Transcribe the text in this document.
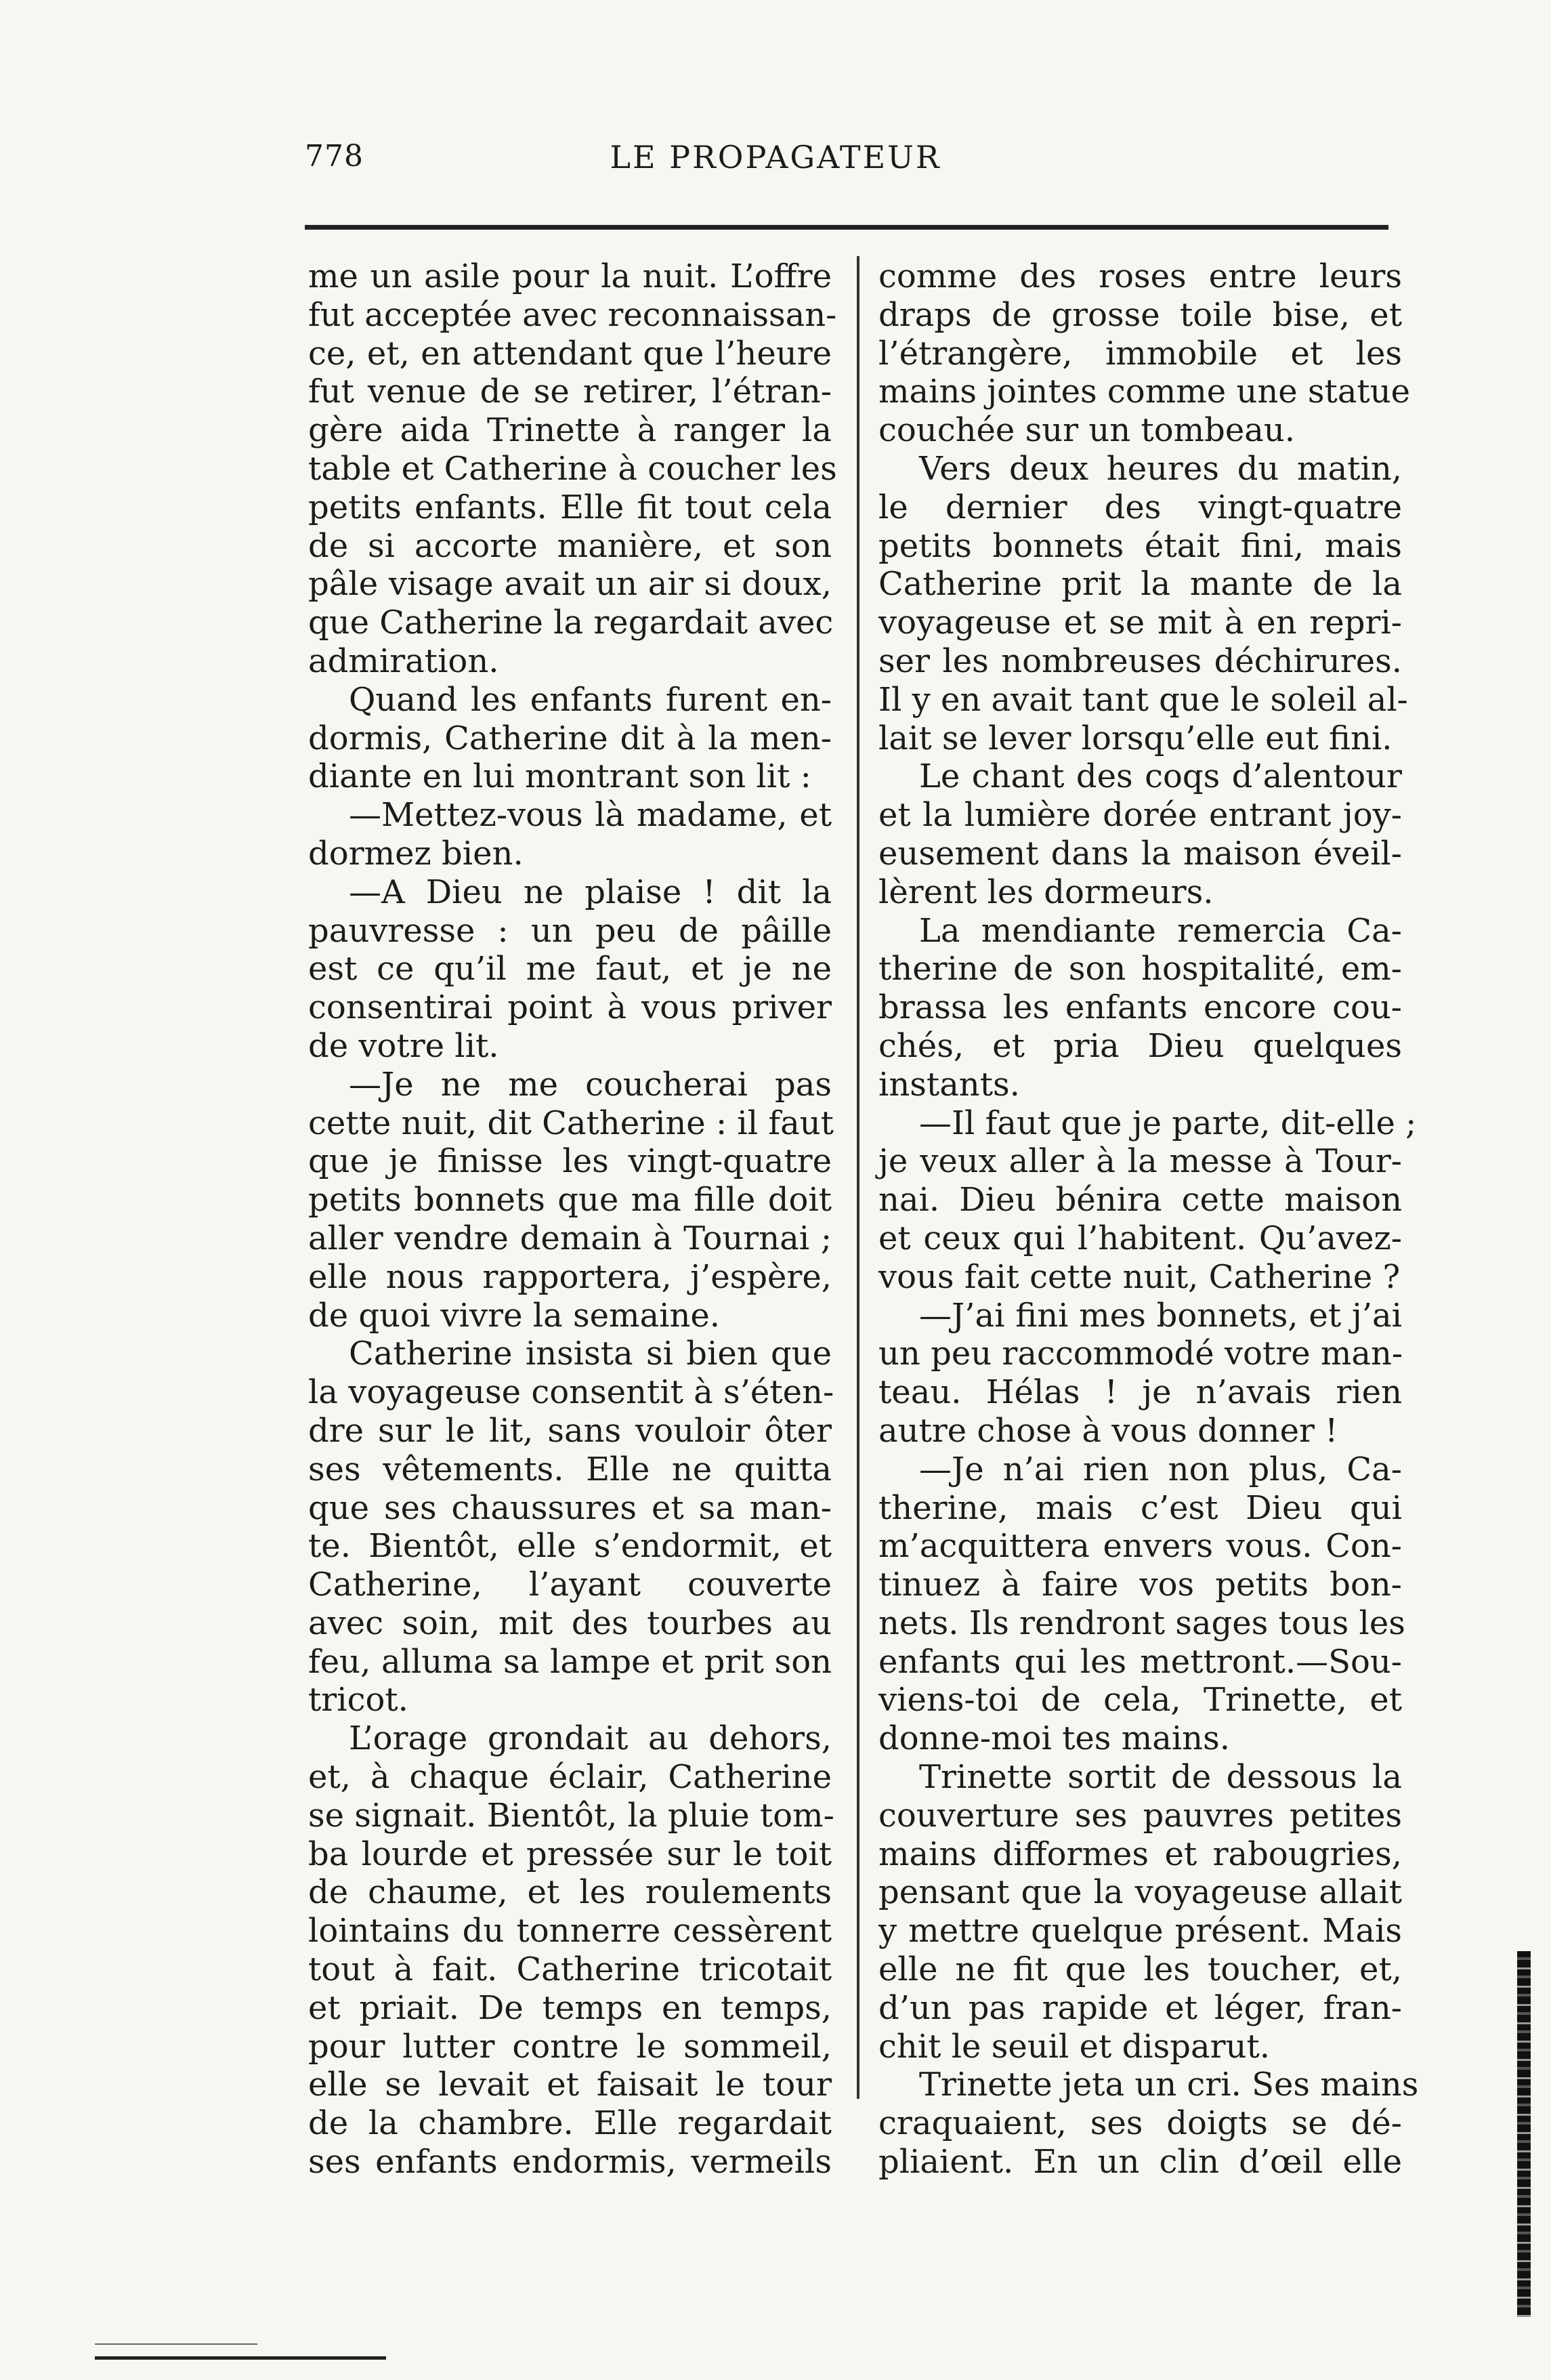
778	LE PROPAGATEUR
me un asile pour la nuit. L’offre
fut acceptée avec reconnaissan-
ce, et, en attendant que l’heure
fut venue de se retirer, l’étran-
gère aida Trinette à ranger la
table et Catherine à coucher les
petits enfants. Elle fit tout cela
de si accorte manière, et son
pâle visage avait un air si doux,
que Catherine la regardait avec
admiration.
Quand les enfants furent en-
dormis, Catherine dit à la men-
diante en lui montrant son lit :
—Mettez-vous là madame, et
dormez bien.
—A Dieu ne plaise ! dit la
pauvresse : un peu de pâille
est ce qu’il me faut, et je ne
consentirai point à vous priver
de votre lit.
—Je ne me coucherai pas
cette nuit, dit Catherine : il faut
que je finisse les vingt-quatre
petits bonnets que ma fille doit
aller vendre demain à Tournai ;
elle nous rapportera, j’espère,
de quoi vivre la semaine.
Catherine insista si bien que
la voyageuse consentit à s’éten-
dre sur le lit, sans vouloir ôter
ses vêtements. Elle ne quitta
que ses chaussures et sa man-
te. Bientôt, elle s’endormit, et
Catherine, l’ayant couverte
avec soin, mit des tourbes au
feu, alluma sa lampe et prit son
tricot.
L’orage grondait au dehors,
et, à chaque éclair, Catherine
se signait. Bientôt, la pluie tom-
ba lourde et pressée sur le toit
de chaume, et les roulements
lointains du tonnerre cessèrent
tout à fait. Catherine tricotait
et priait. De temps en temps,
pour lutter contre le sommeil,
elle se levait et faisait le tour
de la chambre. Elle regardait
ses enfants endormis, vermeils
comme des roses entre leurs
draps de grosse toile bise, et
l’étrangère, immobile et les
mains jointes comme une statue
couchée sur un tombeau.
Vers deux heures du matin,
le dernier des vingt-quatre
petits bonnets était fini, mais
Catherine prit la mante de la
voyageuse et se mit à en repri-
ser les nombreuses déchirures.
Il y en avait tant que le soleil al-
lait se lever lorsqu’elle eut fini.
Le chant des coqs d’alentour
et la lumière dorée entrant joy-
eusement dans la maison éveil-
lèrent les dormeurs.
La mendiante remercia Ca-
therine de son hospitalité, em-
brassa les enfants encore cou-
chés, et pria Dieu quelques
instants.
—Il faut que je parte, dit-elle ;
je veux aller à la messe à Tour-
nai. Dieu bénira cette maison
et ceux qui l’habitent. Qu’avez-
vous fait cette nuit, Catherine ?
—J’ai fini mes bonnets, et j’ai
un peu raccommodé votre man-
teau. Hélas ! je n’avais rien
autre chose à vous donner !
—Je n’ai rien non plus, Ca-
therine, mais c’est Dieu qui
m’acquittera envers vous. Con-
tinuez à faire vos petits bon-
nets. Ils rendront sages tous les
enfants qui les mettront.—Sou-
viens-toi de cela, Trinette, et
donne-moi tes mains.
Trinette sortit de dessous la
couverture ses pauvres petites
mains difformes et rabougries,
pensant que la voyageuse allait
y mettre quelque présent. Mais
elle ne fit que les toucher, et,
d’un pas rapide et léger, fran-
chit le seuil et disparut.
Trinette jeta un cri. Ses mains
craquaient, ses doigts se dé-
pliaient. En un clin d’œil elle
